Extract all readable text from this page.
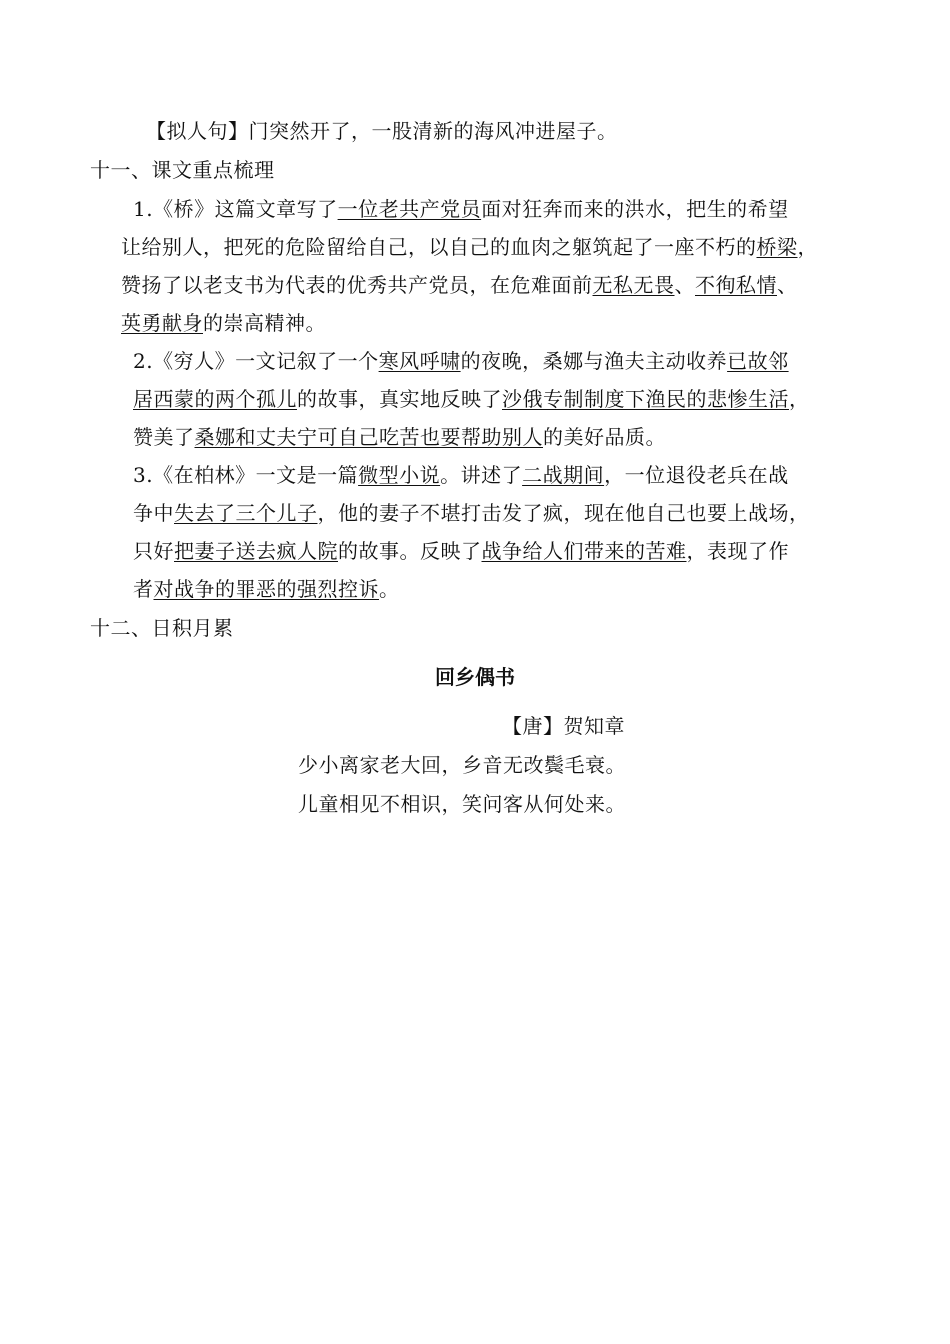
【拟人句】门突然开了，一股清新的海风冲进屋子。
十一、课文重点梳理
1.《桥》这篇文章写了一位老共产党员面对狂奔而来的洪水，把生的希望
让给别人，把死的危险留给自己，以自己的血肉之躯筑起了一座不朽的桥梁，
赞扬了以老支书为代表的优秀共产党员，在危难面前无私无畏、不徇私情、
英勇献身的崇高精神。
2.《穷人》一文记叙了一个寒风呼啸的夜晚，桑娜与渔夫主动收养已故邻
居西蒙的两个孤儿的故事，真实地反映了沙俄专制制度下渔民的悲惨生活，
赞美了桑娜和丈夫宁可自己吃苦也要帮助别人的美好品质。
3.《在柏林》一文是一篇微型小说。讲述了二战期间，一位退役老兵在战
争中失去了三个儿子，他的妻子不堪打击发了疯，现在他自己也要上战场，
只好把妻子送去疯人院的故事。反映了战争给人们带来的苦难，表现了作
者对战争的罪恶的强烈控诉。
十二、日积月累
回乡偶书
【唐】贺知章
少小离家老大回，乡音无改鬓毛衰。
儿童相见不相识，笑问客从何处来。
